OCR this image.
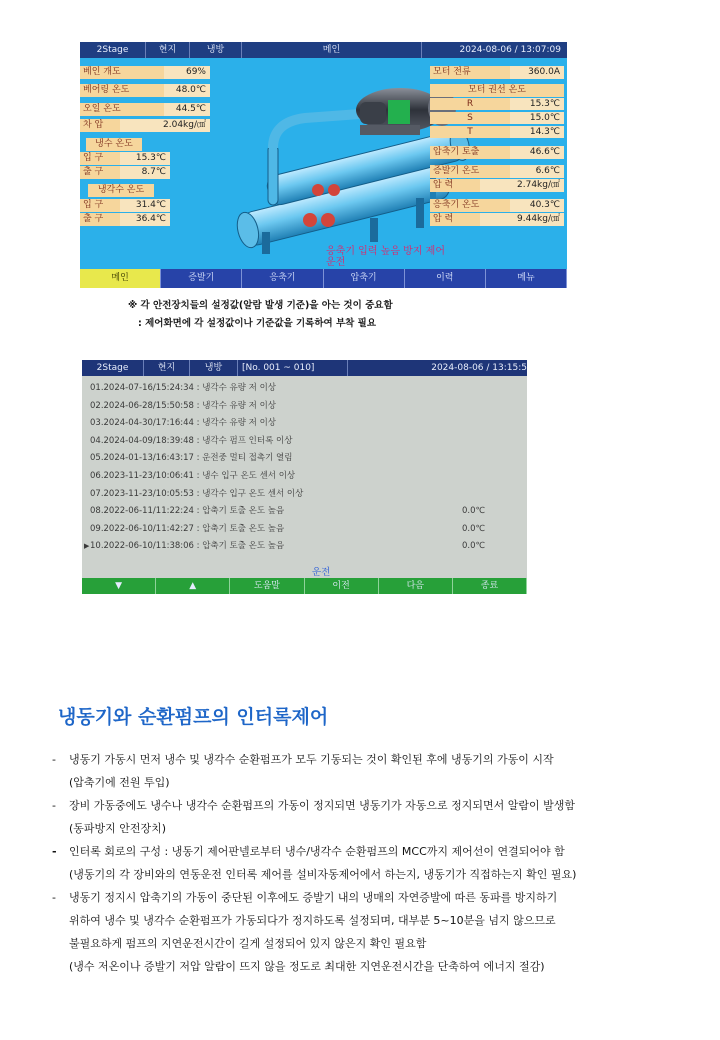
2Stage	현지	냉방	메인	2024-08-06 / 13:07:09
베인 개도	69%
베어링 온도	48.0℃
오일 온도	44.5℃
차 압	2.04kg/㎠
냉수 온도
입 구	15.3℃
출 구	8.7℃
냉각수 온도
입 구	31.4℃
출 구	36.4℃
모터 전류	360.0A
모터 권선 온도
R	15.3℃
S	15.0℃
T	14.3℃
압축기 토출	46.6℃
증발기 온도	6.6℃
압 력	2.74kg/㎠
응축기 온도	40.3℃
압 력	9.44kg/㎠
응축기 입력 높음 방지 제어
운전
메인	증발기	응축기	압축기	이력	메뉴
※ 각 안전장치들의 설정값(알람 발생 기준)을 아는 것이 중요함
: 제어화면에 각 설정값이나 기준값을 기록하여 부착 필요
2Stage	현지	냉방	[No. 001 ~ 010]	2024-08-06 / 13:15:5
01.2024-07-16/15:24:34 : 냉각수 유량 저 이상
02.2024-06-28/15:50:58 : 냉각수 유량 저 이상
03.2024-04-30/17:16:44 : 냉각수 유량 저 이상
04.2024-04-09/18:39:48 : 냉각수 펌프 인터록 이상
05.2024-01-13/16:43:17 : 운전중 멀티 접촉기 열림
06.2023-11-23/10:06:41 : 냉수 입구 온도 센서 이상
07.2023-11-23/10:05:53 : 냉각수 입구 온도 센서 이상
08.2022-06-11/11:22:24 : 압축기 토출 온도 높음	0.0℃
09.2022-06-10/11:42:27 : 압축기 토출 온도 높음	0.0℃
▶ 10.2022-06-10/11:38:06 : 압축기 토출 온도 높음	0.0℃
운전
▼	▲	도움말	이전	다음	종료
냉동기와 순환펌프의 인터록제어
- 냉동기 가동시 먼저 냉수 및 냉각수 순환펌프가 모두 기동되는 것이 확인된 후에 냉동기의 가동이 시작
(압축기에 전원 투입)
- 장비 가동중에도 냉수나 냉각수 순환펌프의 가동이 정지되면 냉동기가 자동으로 정지되면서 알람이 발생함
(동파방지 안전장치)
- 인터록 회로의 구성 : 냉동기 제어판넬로부터 냉수/냉각수 순환펌프의 MCC까지 제어선이 연결되어야 함
(냉동기의 각 장비와의 연동운전 인터록 제어를 설비자동제어에서 하는지, 냉동기가 직접하는지 확인 필요)
- 냉동기 정지시 압축기의 가동이 중단된 이후에도 증발기 내의 냉매의 자연증발에 따른 동파를 방지하기
위하여 냉수 및 냉각수 순환펌프가 가동되다가 정지하도록 설정되며, 대부분 5~10분을 넘지 않으므로
불필요하게 펌프의 지연운전시간이 길게 설정되어 있지 않은지 확인 필요함
(냉수 저온이나 증발기 저압 알람이 뜨지 않을 정도로 최대한 지연운전시간을 단축하여 에너지 절감)
